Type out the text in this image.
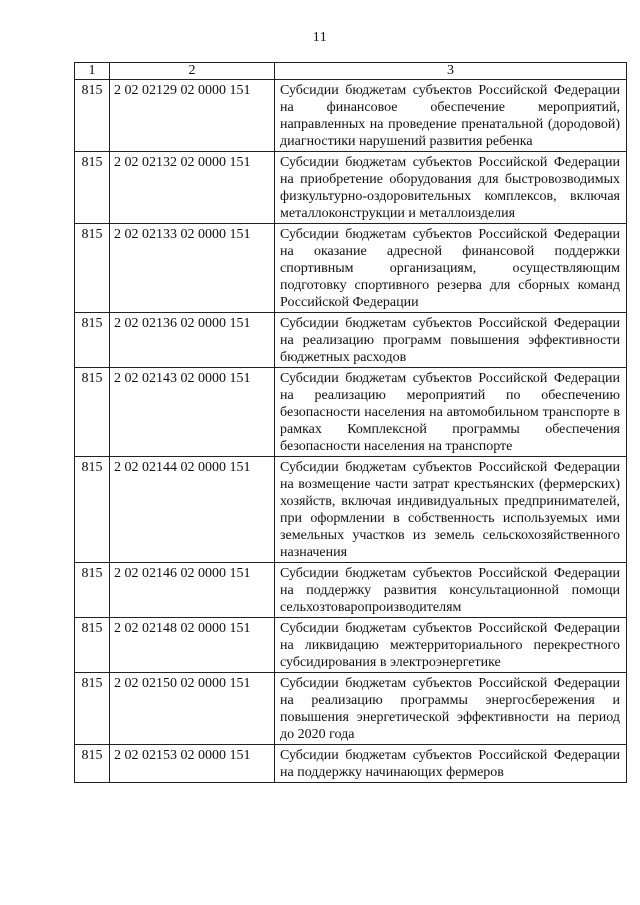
11
1	2	3
815	2 02 02129 02 0000 151	Субсидии бюджетам субъектов Российской Федерации на финансовое обеспечение мероприятий, направленных на проведение пренатальной (дородовой) диагностики нарушений развития ребенка
815	2 02 02132 02 0000 151	Субсидии бюджетам субъектов Российской Федерации на приобретение оборудования для быстровозводимых физкультурно-оздоровительных комплексов, включая металлоконструкции и металлоизделия
815	2 02 02133 02 0000 151	Субсидии бюджетам субъектов Российской Федерации на оказание адресной финансовой поддержки спортивным организациям, осуществляющим подготовку спортивного резерва для сборных команд Российской Федерации
815	2 02 02136 02 0000 151	Субсидии бюджетам субъектов Российской Федерации на реализацию программ повышения эффективности бюджетных расходов
815	2 02 02143 02 0000 151	Субсидии бюджетам субъектов Российской Федерации на реализацию мероприятий по обеспечению безопасности населения на автомобильном транспорте в рамках Комплексной программы обеспечения безопасности населения на транспорте
815	2 02 02144 02 0000 151	Субсидии бюджетам субъектов Российской Федерации на возмещение части затрат крестьянских (фермерских) хозяйств, включая индивидуальных предпринимателей, при оформлении в собственность используемых ими земельных участков из земель сельскохозяйственного назначения
815	2 02 02146 02 0000 151	Субсидии бюджетам субъектов Российской Федерации на поддержку развития консультационной помощи сельхозтоваропроизводителям
815	2 02 02148 02 0000 151	Субсидии бюджетам субъектов Российской Федерации на ликвидацию межтерриториального перекрестного субсидирования в электроэнергетике
815	2 02 02150 02 0000 151	Субсидии бюджетам субъектов Российской Федерации на реализацию программы энергосбережения и повышения энергетической эффективности на период до 2020 года
815	2 02 02153 02 0000 151	Субсидии бюджетам субъектов Российской Федерации на поддержку начинающих фермеров
